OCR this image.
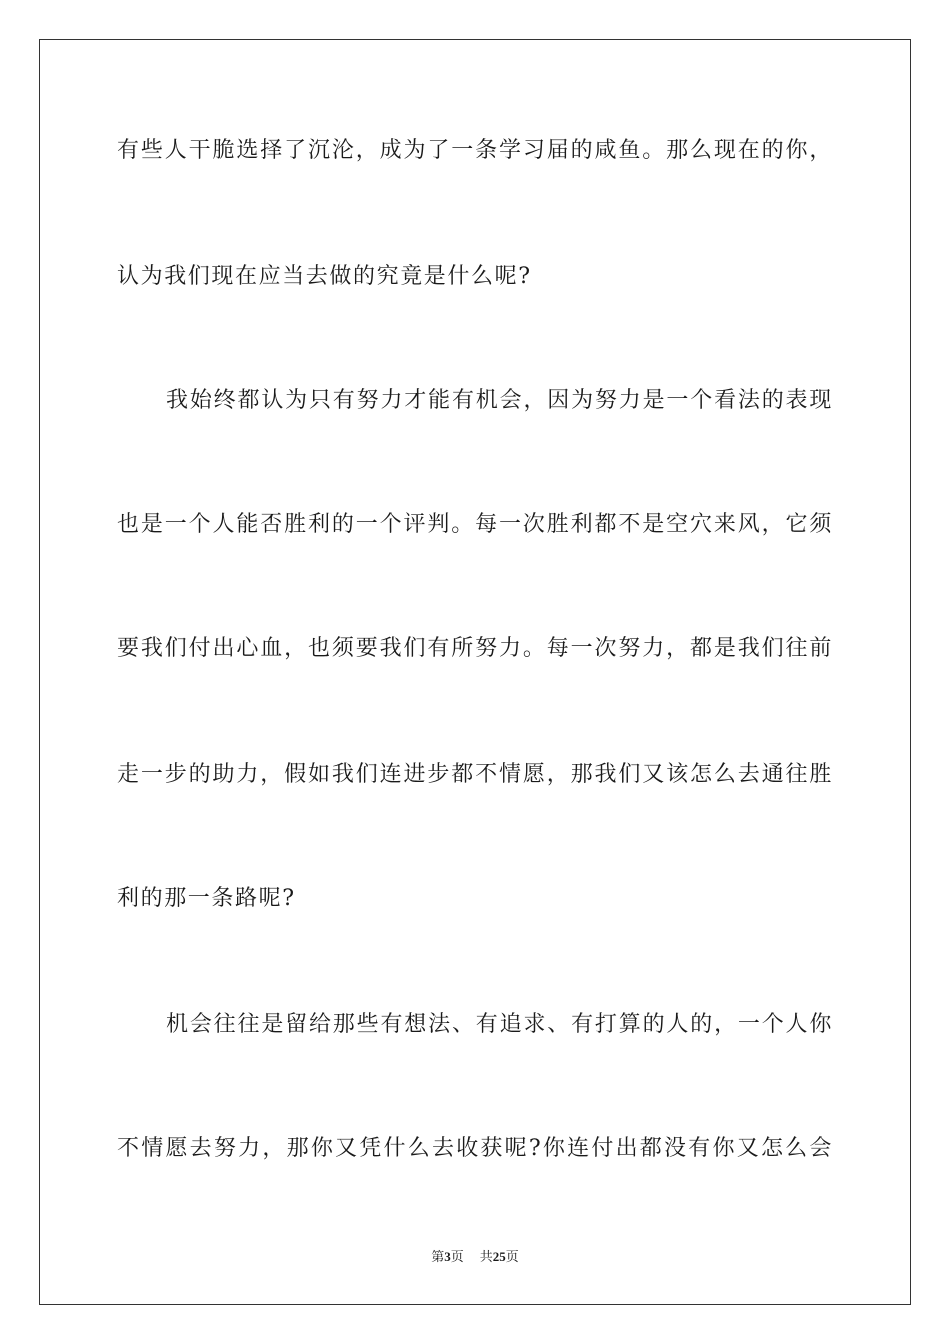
有些人干脆选择了沉沦，成为了一条学习届的咸鱼。那么现在的你，
认为我们现在应当去做的究竟是什么呢?
我始终都认为只有努力才能有机会，因为努力是一个看法的表现
也是一个人能否胜利的一个评判。每一次胜利都不是空穴来风，它须
要我们付出心血，也须要我们有所努力。每一次努力，都是我们往前
走一步的助力，假如我们连进步都不情愿，那我们又该怎么去通往胜
利的那一条路呢?
机会往往是留给那些有想法、有追求、有打算的人的，一个人你
不情愿去努力，那你又凭什么去收获呢?你连付出都没有你又怎么会
第3页 共25页
